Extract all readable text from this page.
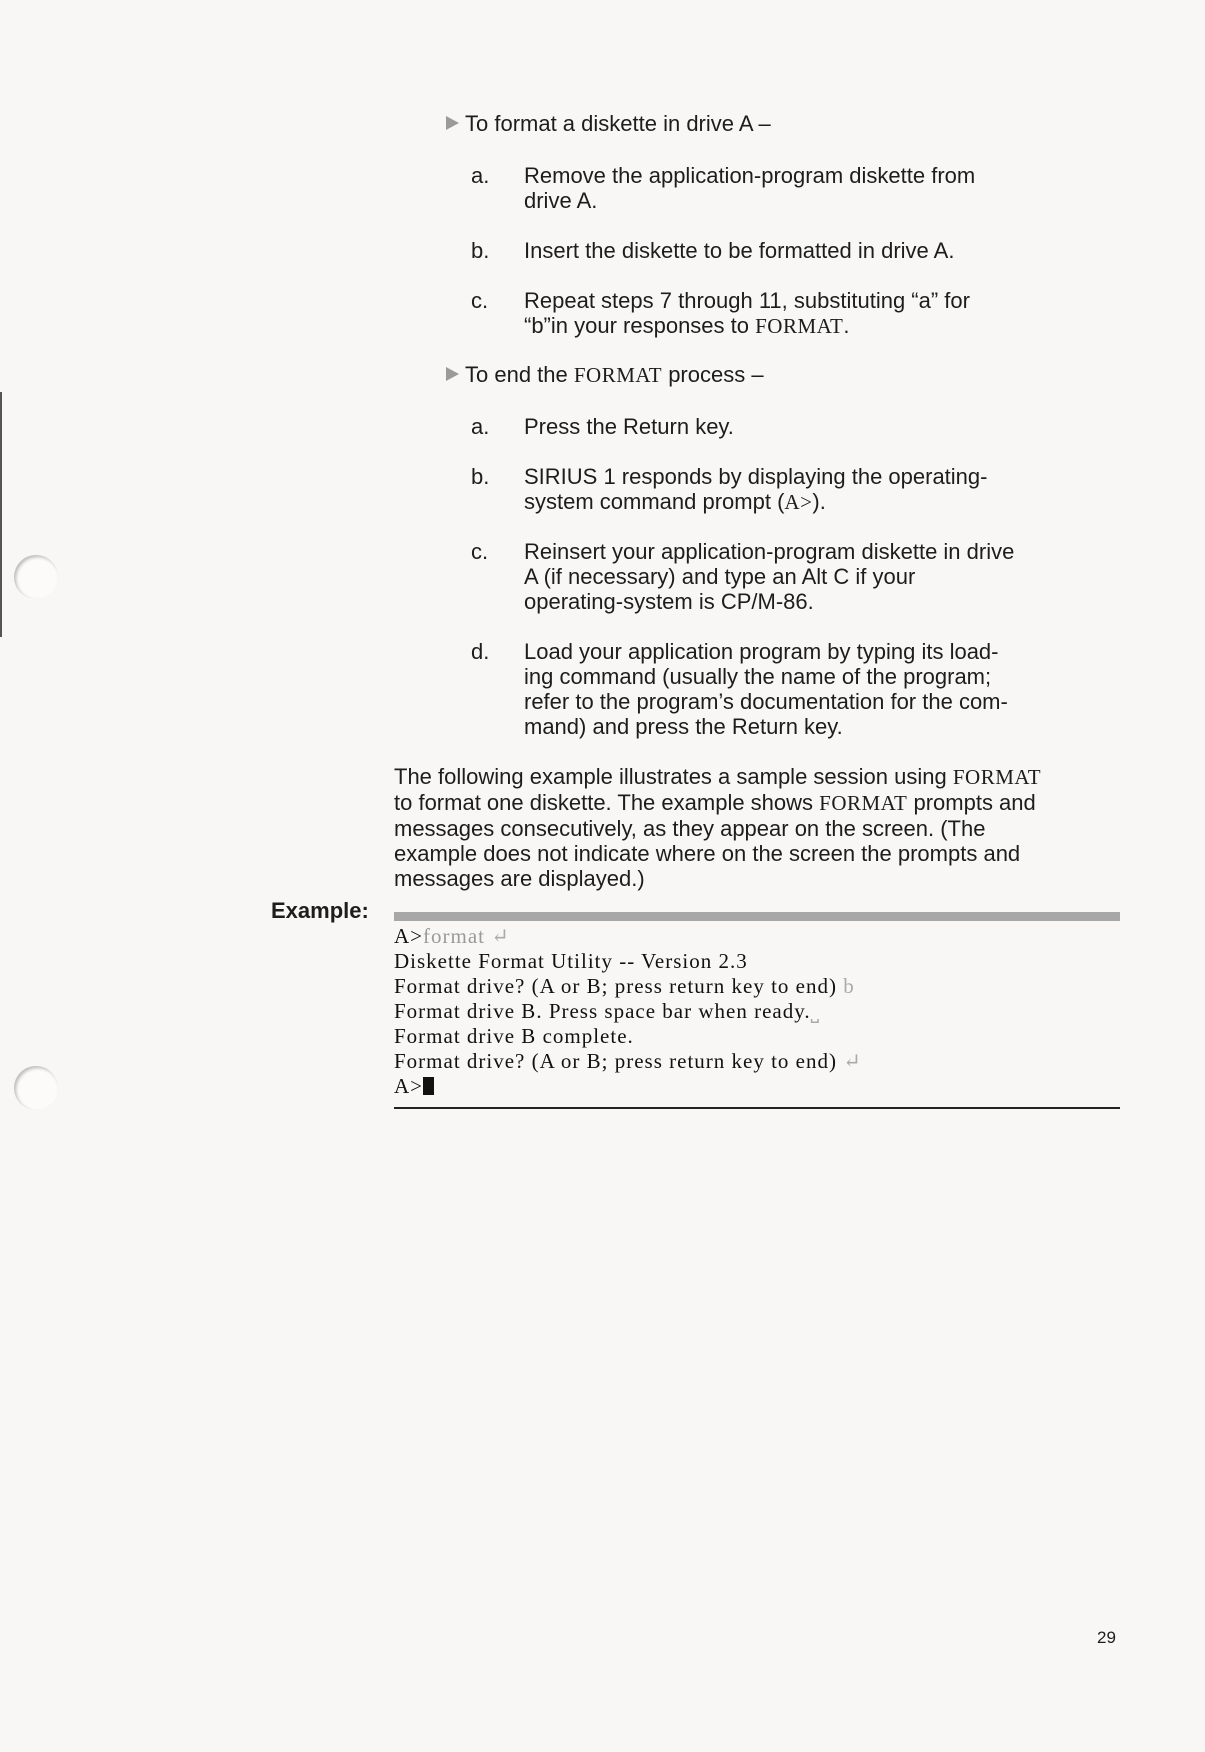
To format a diskette in drive A –
a. Remove the application-program diskette from
drive A.
b. Insert the diskette to be formatted in drive A.
c. Repeat steps 7 through 11, substituting “a” for
“b”in your responses to FORMAT.
To end the FORMAT process –
a. Press the Return key.
b. SIRIUS 1 responds by displaying the operating-
system command prompt (A>).
c. Reinsert your application-program diskette in drive
A (if necessary) and type an Alt C if your
operating-system is CP/M-86.
d. Load your application program by typing its load-
ing command (usually the name of the program;
refer to the program’s documentation for the com-
mand) and press the Return key.
The following example illustrates a sample session using FORMAT
to format one diskette. The example shows FORMAT prompts and
messages consecutively, as they appear on the screen. (The
example does not indicate where on the screen the prompts and
messages are displayed.)
Example:
A>format ↵
Diskette Format Utility -- Version 2.3
Format drive? (A or B; press return key to end) b
Format drive B. Press space bar when ready.⎵
Format drive B complete.
Format drive? (A or B; press return key to end) ↵
A>
29
